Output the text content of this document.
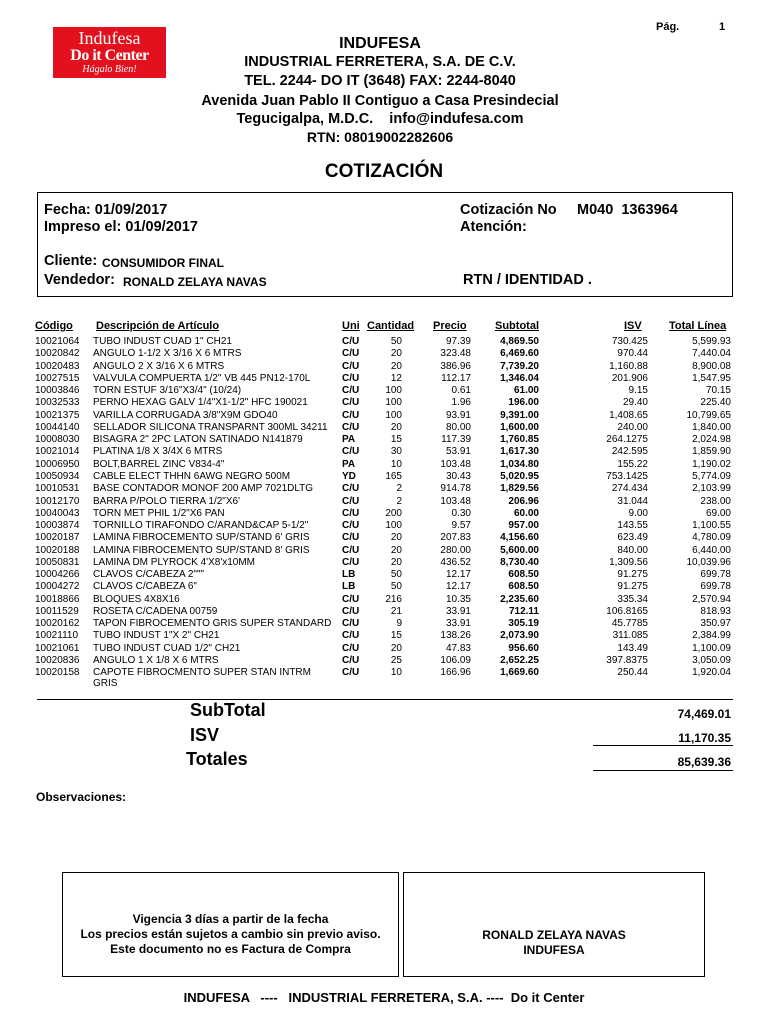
Indufesa
Do it Center
Hágalo Bien!
Pág.	1
INDUFESA
INDUSTRIAL FERRETERA, S.A. DE C.V.
TEL. 2244- DO IT (3648) FAX: 2244-8040
Avenida Juan Pablo II Contiguo a Casa Presindecial
Tegucigalpa, M.D.C.    info@indufesa.com
RTN: 08019002282606
COTIZACIÓN
Fecha: 01/09/2017
Impreso el: 01/09/2017
Cotización No M040  1363964
Atención:
Cliente: CONSUMIDOR FINAL
Vendedor: RONALD ZELAYA NAVAS	RTN / IDENTIDAD .
Código Descripción de Artículo	Uni Cantidad Precio	Subtotal	ISV Total Línea
10021064 TUBO INDUST CUAD 1" CH21	C/U	50	97.39	4,869.50	730.425	5,599.93
10020842 ANGULO 1-1/2 X 3/16 X 6 MTRS	C/U	20	323.48	6,469.60	970.44	7,440.04
10020483 ANGULO 2 X 3/16 X 6 MTRS	C/U	20	386.96	7,739.20	1,160.88	8,900.08
10027515 VALVULA COMPUERTA 1/2" VB 445 PN12-170L	C/U	12	112.17	1,346.04	201.906	1,547.95
10003846 TORN ESTUF 3/16"X3/4" (10/24)	C/U	100	0.61	61.00	9.15	70.15
10032533 PERNO HEXAG GALV 1/4"X1-1/2" HFC 190021	C/U	100	1.96	196.00	29.40	225.40
10021375 VARILLA CORRUGADA 3/8"X9M GDO40	C/U	100	93.91	9,391.00	1,408.65	10,799.65
10044140 SELLADOR SILICONA TRANSPARNT 300ML 34211 C/U	20	80.00	1,600.00	240.00	1,840.00
10008030 BISAGRA 2" 2PC LATON SATINADO N141879	PA	15	117.39	1,760.85	264.1275	2,024.98
10021014 PLATINA 1/8 X 3/4X 6 MTRS	C/U	30	53.91	1,617.30	242.595	1,859.90
10006950 BOLT,BARREL ZINC V834-4"	PA	10	103.48	1,034.80	155.22	1,190.02
10050934 CABLE ELECT THHN 6AWG NEGRO 500M	YD	165	30.43	5,020.95	753.1425	5,774.09
10010531 BASE CONTADOR MONOF 200 AMP 7021DLTG	C/U	2	914.78	1,829.56	274.434	2,103.99
10012170 BARRA P/POLO TIERRA 1/2"X6'	C/U	2	103.48	206.96	31.044	238.00
10040043 TORN MET PHIL 1/2"X6 PAN	C/U	200	0.30	60.00	9.00	69.00
10003874 TORNILLO TIRAFONDO C/ARAND&CAP 5-1/2"	C/U	100	9.57	957.00	143.55	1,100.55
10020187 LAMINA FIBROCEMENTO SUP/STAND 6' GRIS	C/U	20	207.83	4,156.60	623.49	4,780.09
10020188 LAMINA FIBROCEMENTO SUP/STAND 8' GRIS	C/U	20	280.00	5,600.00	840.00	6,440.00
10050831 LAMINA DM PLYROCK 4'X8'x10MM	C/U	20	436.52	8,730.40	1,309.56	10,039.96
10004266 CLAVOS C/CABEZA 2"""	LB	50	12.17	608.50	91.275	699.78
10004272 CLAVOS C/CABEZA 6"	LB	50	12.17	608.50	91.275	699.78
10018866 BLOQUES 4X8X16	C/U	216	10.35	2,235.60	335.34	2,570.94
10011529 ROSETA C/CADENA 00759	C/U	21	33.91	712.11	106.8165	818.93
10020162 TAPON FIBROCEMENTO GRIS SUPER STANDARD C/U	9	33.91	305.19	45.7785	350.97
10021110 TUBO INDUST 1"X 2" CH21	C/U	15	138.26	2,073.90	311.085	2,384.99
10021061 TUBO INDUST CUAD 1/2" CH21	C/U	20	47.83	956.60	143.49	1,100.09
10020836 ANGULO 1 X 1/8 X 6 MTRS	C/U	25	106.09	2,652.25	397.8375	3,050.09
10020158 CAPOTE FIBROCMENTO SUPER STAN INTRM	C/U	10	166.96	1,669.60	250.44	1,920.04
GRIS
SubTotal	74,469.01
ISV	11,170.35
Totales	85,639.36
Observaciones:
Vigencia 3 días a partir de la fecha
Los precios están sujetos a cambio sin previo aviso.
Este documento no es Factura de Compra
RONALD ZELAYA NAVAS
INDUFESA
INDUFESA   ----   INDUSTRIAL FERRETERA, S.A. ----  Do it Center
